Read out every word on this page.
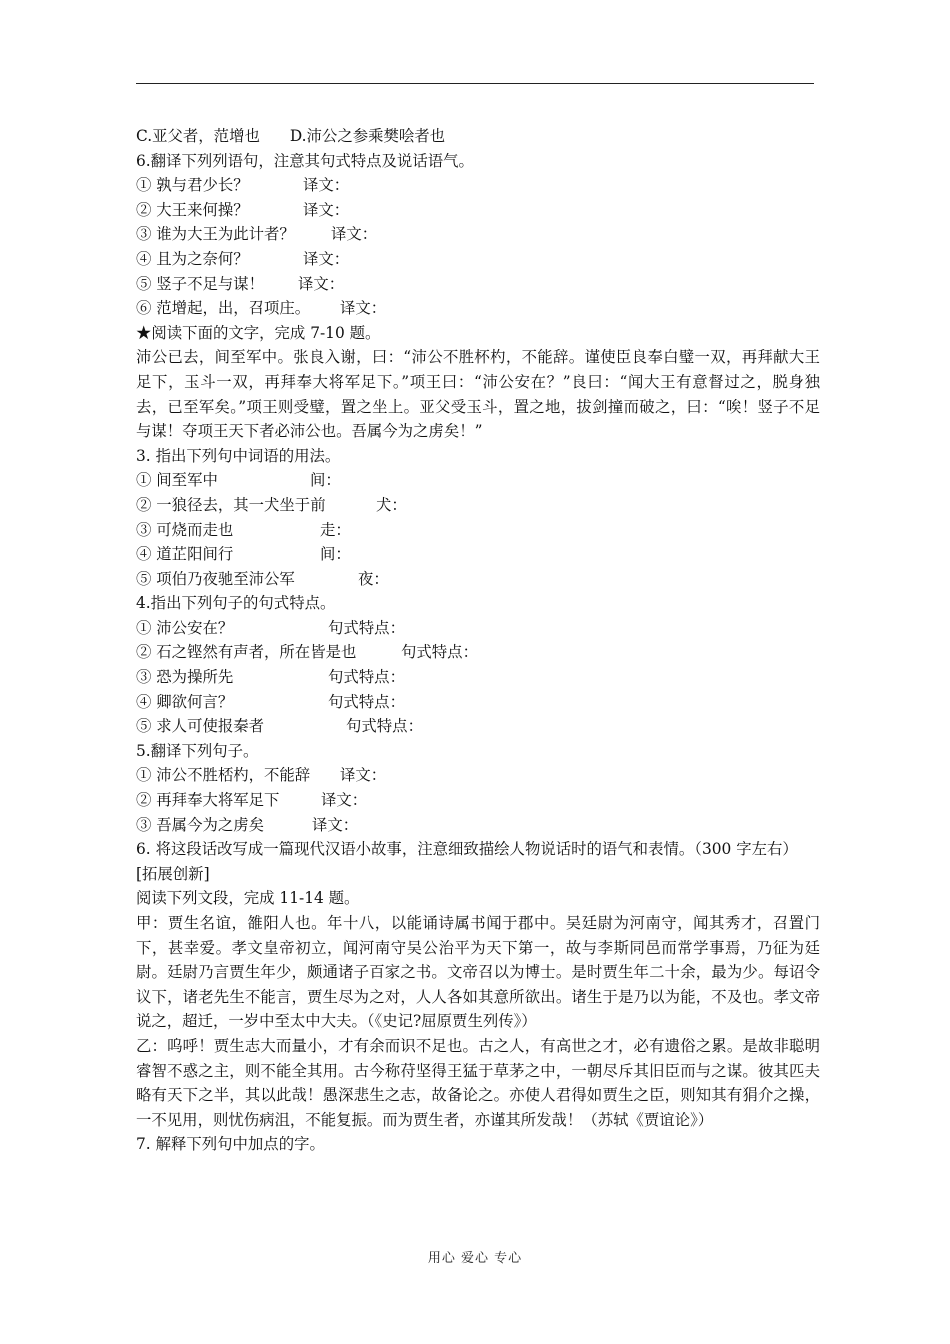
C.亚父者，范增也 D.沛公之参乘樊哙者也
6.翻译下列列语句，注意其句式特点及说话语气。
① 孰与君少长？	译文：
② 大王来何操？	译文：
③ 谁为大王为此计者？	译文：
④ 且为之奈何？	译文：
⑤ 竖子不足与谋！	译文：
⑥ 范增起，出，召项庄。	译文：
★阅读下面的文字，完成 7-10 题。
沛公已去，间至军中。张良入谢，曰：“沛公不胜杯杓，不能辞。谨使臣良奉白璧一双，再拜献大王足下，玉斗一双，再拜奉大将军足下。”项王曰：“沛公安在？”良曰：“闻大王有意督过之，脱身独去，已至军矣。”项王则受璧，置之坐上。亚父受玉斗，置之地，拔剑撞而破之，曰：“唉！竖子不足与谋！夺项王天下者必沛公也。吾属今为之虏矣！”
3. 指出下列句中词语的用法。
① 间至军中	间：
② 一狼径去，其一犬坐于前	犬：
③ 可烧而走也	走：
④ 道芷阳间行	间：
⑤ 项伯乃夜驰至沛公军	夜：
4.指出下列句子的句式特点。
① 沛公安在？	句式特点：
② 石之铿然有声者，所在皆是也	句式特点：
③ 恐为操所先	句式特点：
④ 卿欲何言？	句式特点：
⑤ 求人可使报秦者	句式特点：
5.翻译下列句子。
① 沛公不胜桮杓，不能辞	译文：
② 再拜奉大将军足下	译文：
③ 吾属今为之虏矣	译文：
6. 将这段话改写成一篇现代汉语小故事，注意细致描绘人物说话时的语气和表情。（300 字左右）
[拓展创新]
阅读下列文段，完成 11-14 题。
甲：贾生名谊，雒阳人也。年十八，以能诵诗属书闻于郡中。吴廷尉为河南守，闻其秀才，召置门下，甚幸爱。孝文皇帝初立，闻河南守吴公治平为天下第一，故与李斯同邑而常学事焉，乃征为廷尉。廷尉乃言贾生年少，颇通诸子百家之书。文帝召以为博士。是时贾生年二十余，最为少。每诏令议下，诸老先生不能言，贾生尽为之对，人人各如其意所欲出。诸生于是乃以为能，不及也。孝文帝说之，超迁，一岁中至太中大夫。（《史记?屈原贾生列传》）
乙：呜呼！贾生志大而量小，才有余而识不足也。古之人，有高世之才，必有遗俗之累。是故非聪明睿智不惑之主，则不能全其用。古今称苻坚得王猛于草茅之中，一朝尽斥其旧臣而与之谋。彼其匹夫略有天下之半，其以此哉！愚深悲生之志，故备论之。亦使人君得如贾生之臣，则知其有狷介之操，一不见用，则忧伤病沮，不能复振。而为贾生者，亦谨其所发哉！（苏轼《贾谊论》）
7. 解释下列句中加点的字。
用心 爱心 专心
